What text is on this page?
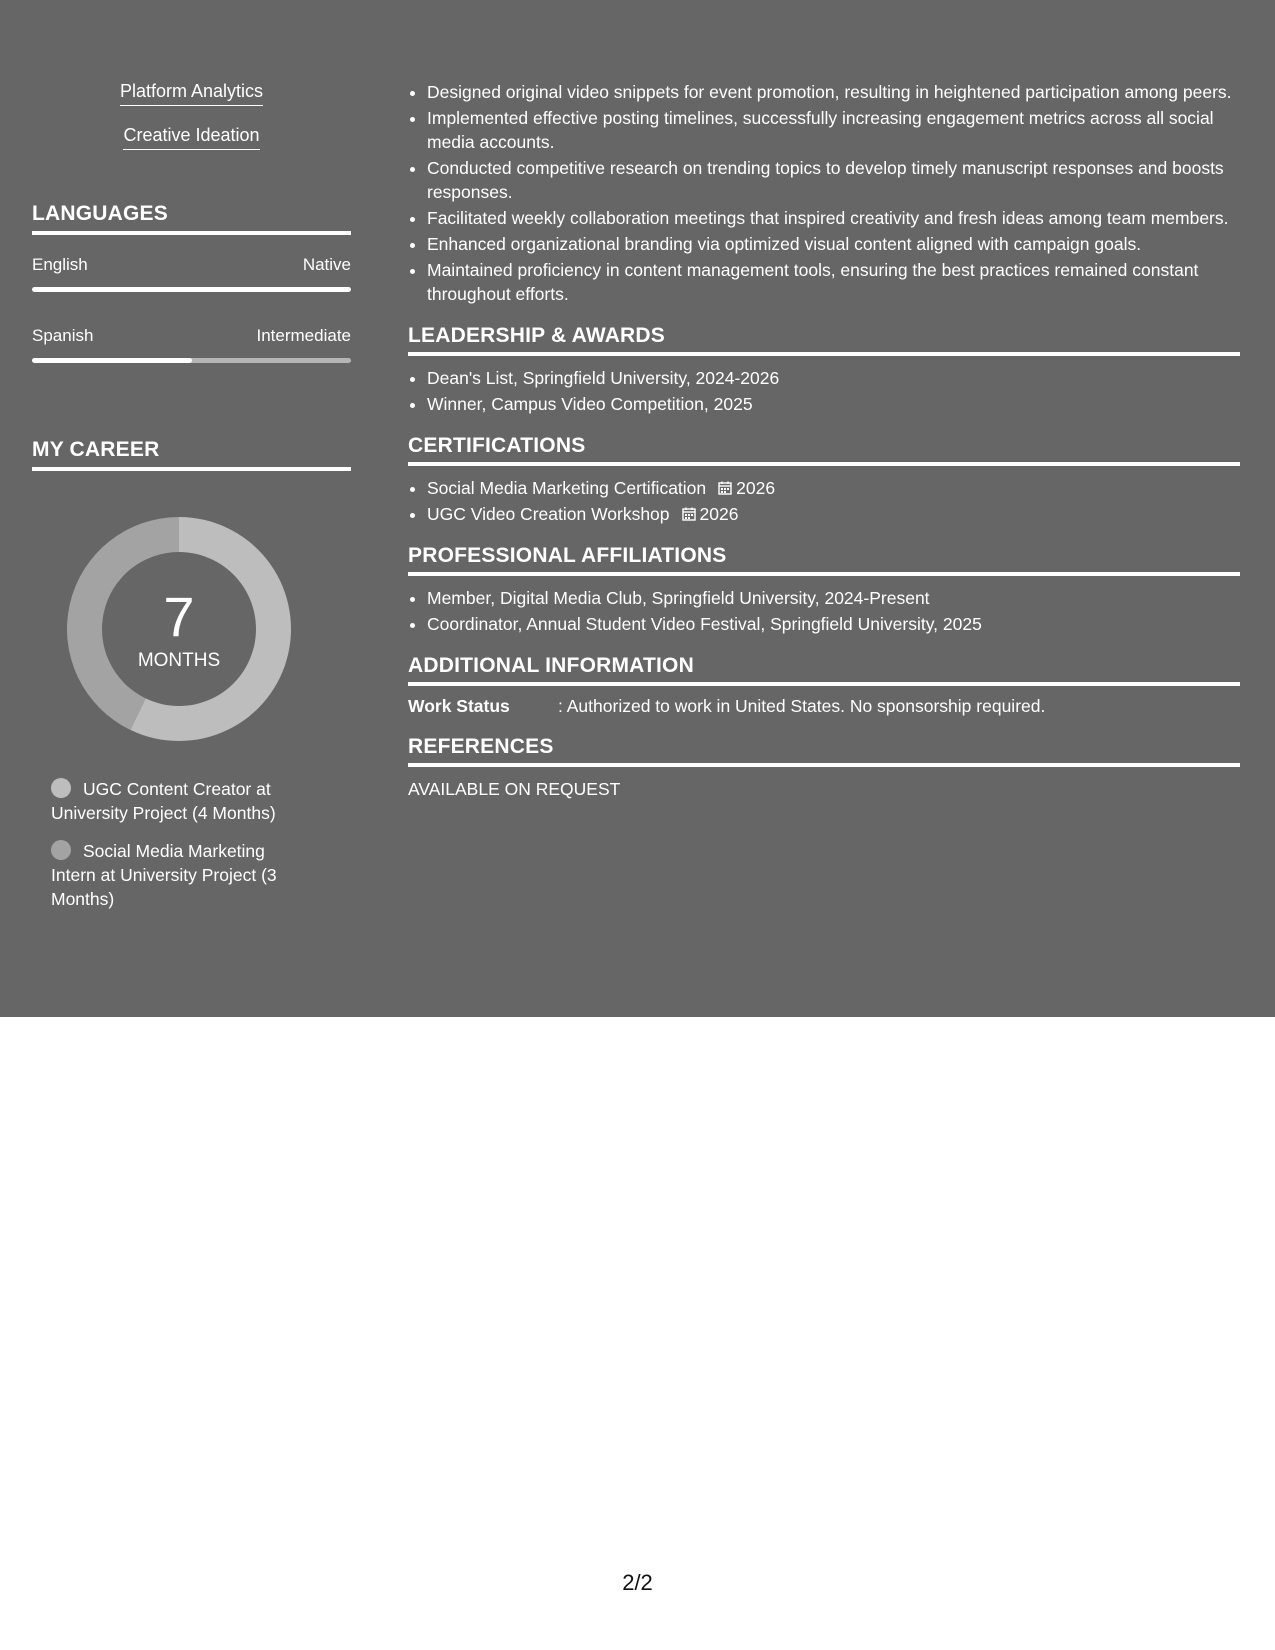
Platform Analytics
Creative Ideation
LANGUAGES
English	Native
Spanish	Intermediate
MY CAREER
7
MONTHS
UGC Content Creator at University Project (4 Months)
Social Media Marketing Intern at University Project (3 Months)
• Designed original video snippets for event promotion, resulting in heightened participation among peers.
• Implemented effective posting timelines, successfully increasing engagement metrics across all social media accounts.
• Conducted competitive research on trending topics to develop timely manuscript responses and boosts responses.
• Facilitated weekly collaboration meetings that inspired creativity and fresh ideas among team members.
• Enhanced organizational branding via optimized visual content aligned with campaign goals.
• Maintained proficiency in content management tools, ensuring the best practices remained constant throughout efforts.
LEADERSHIP & AWARDS
• Dean's List, Springfield University, 2024-2026
• Winner, Campus Video Competition, 2025
CERTIFICATIONS
• Social Media Marketing Certification 2026
• UGC Video Creation Workshop 2026
PROFESSIONAL AFFILIATIONS
• Member, Digital Media Club, Springfield University, 2024-Present
• Coordinator, Annual Student Video Festival, Springfield University, 2025
ADDITIONAL INFORMATION
Work Status	: Authorized to work in United States. No sponsorship required.
REFERENCES
AVAILABLE ON REQUEST
2/2
